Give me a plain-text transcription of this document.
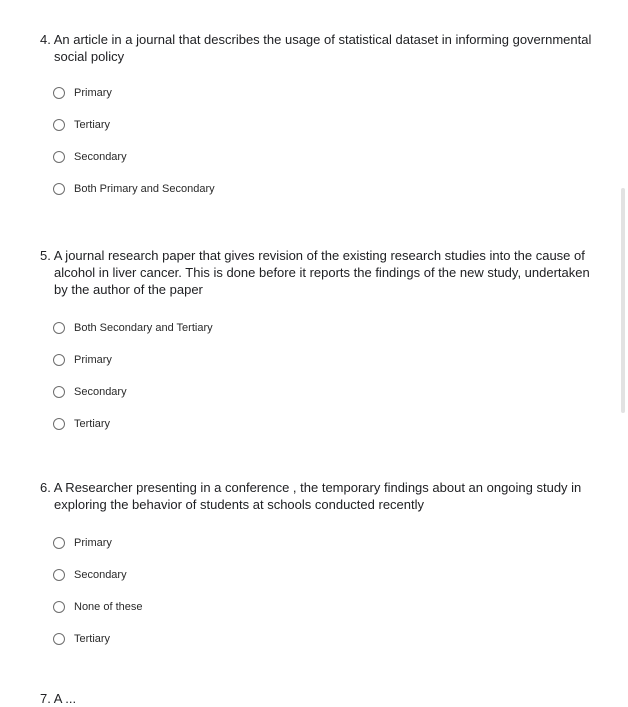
4. An article in a journal that describes the usage of statistical dataset in informing governmental social policy

Primary
Tertiary
Secondary
Both Primary and Secondary

5. A journal research paper that gives revision of the existing research studies into the cause of alcohol in liver cancer. This is done before it reports the findings of the new study, undertaken by the author of the paper

Both Secondary and Tertiary
Primary
Secondary
Tertiary

6. A Researcher presenting in a conference , the temporary findings about an ongoing study in exploring the behavior of students at schools conducted recently

Primary
Secondary
None of these
Tertiary
7. A ...
